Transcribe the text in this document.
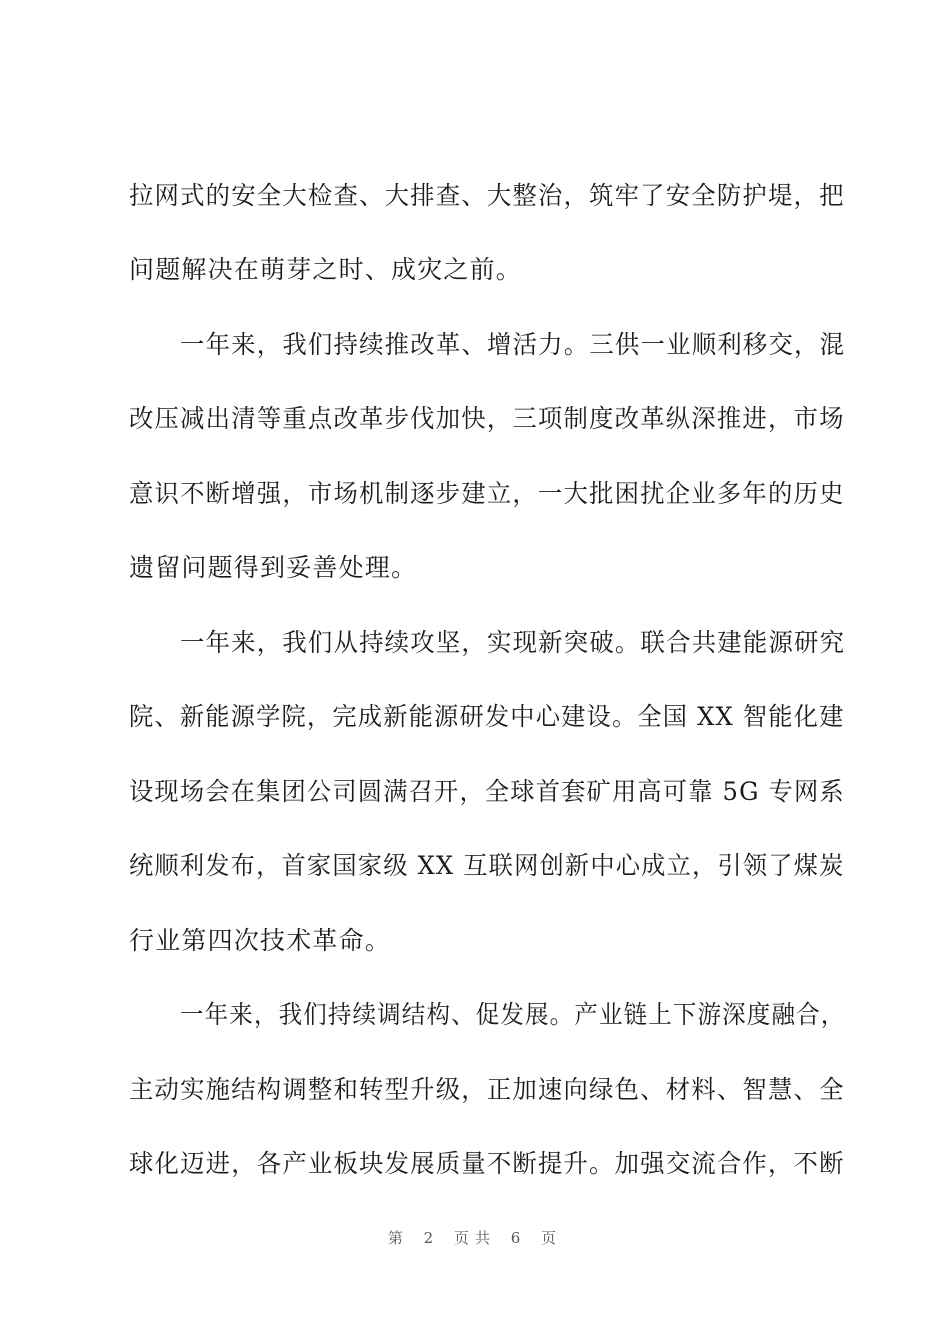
拉网式的安全大检查、大排查、大整治，筑牢了安全防护堤，把
问题解决在萌芽之时、成灾之前。
一年来，我们持续推改革、增活力。三供一业顺利移交，混
改压减出清等重点改革步伐加快，三项制度改革纵深推进，市场
意识不断增强，市场机制逐步建立，一大批困扰企业多年的历史
遗留问题得到妥善处理。
一年来，我们从持续攻坚，实现新突破。联合共建能源研究
院、新能源学院，完成新能源研发中心建设。全国 XX 智能化建
设现场会在集团公司圆满召开，全球首套矿用高可靠 5G 专网系
统顺利发布，首家国家级 XX 互联网创新中心成立，引领了煤炭
行业第四次技术革命。
一年来，我们持续调结构、促发展。产业链上下游深度融合，
主动实施结构调整和转型升级，正加速向绿色、材料、智慧、全
球化迈进，各产业板块发展质量不断提升。加强交流合作，不断
第 2 页共 6 页
